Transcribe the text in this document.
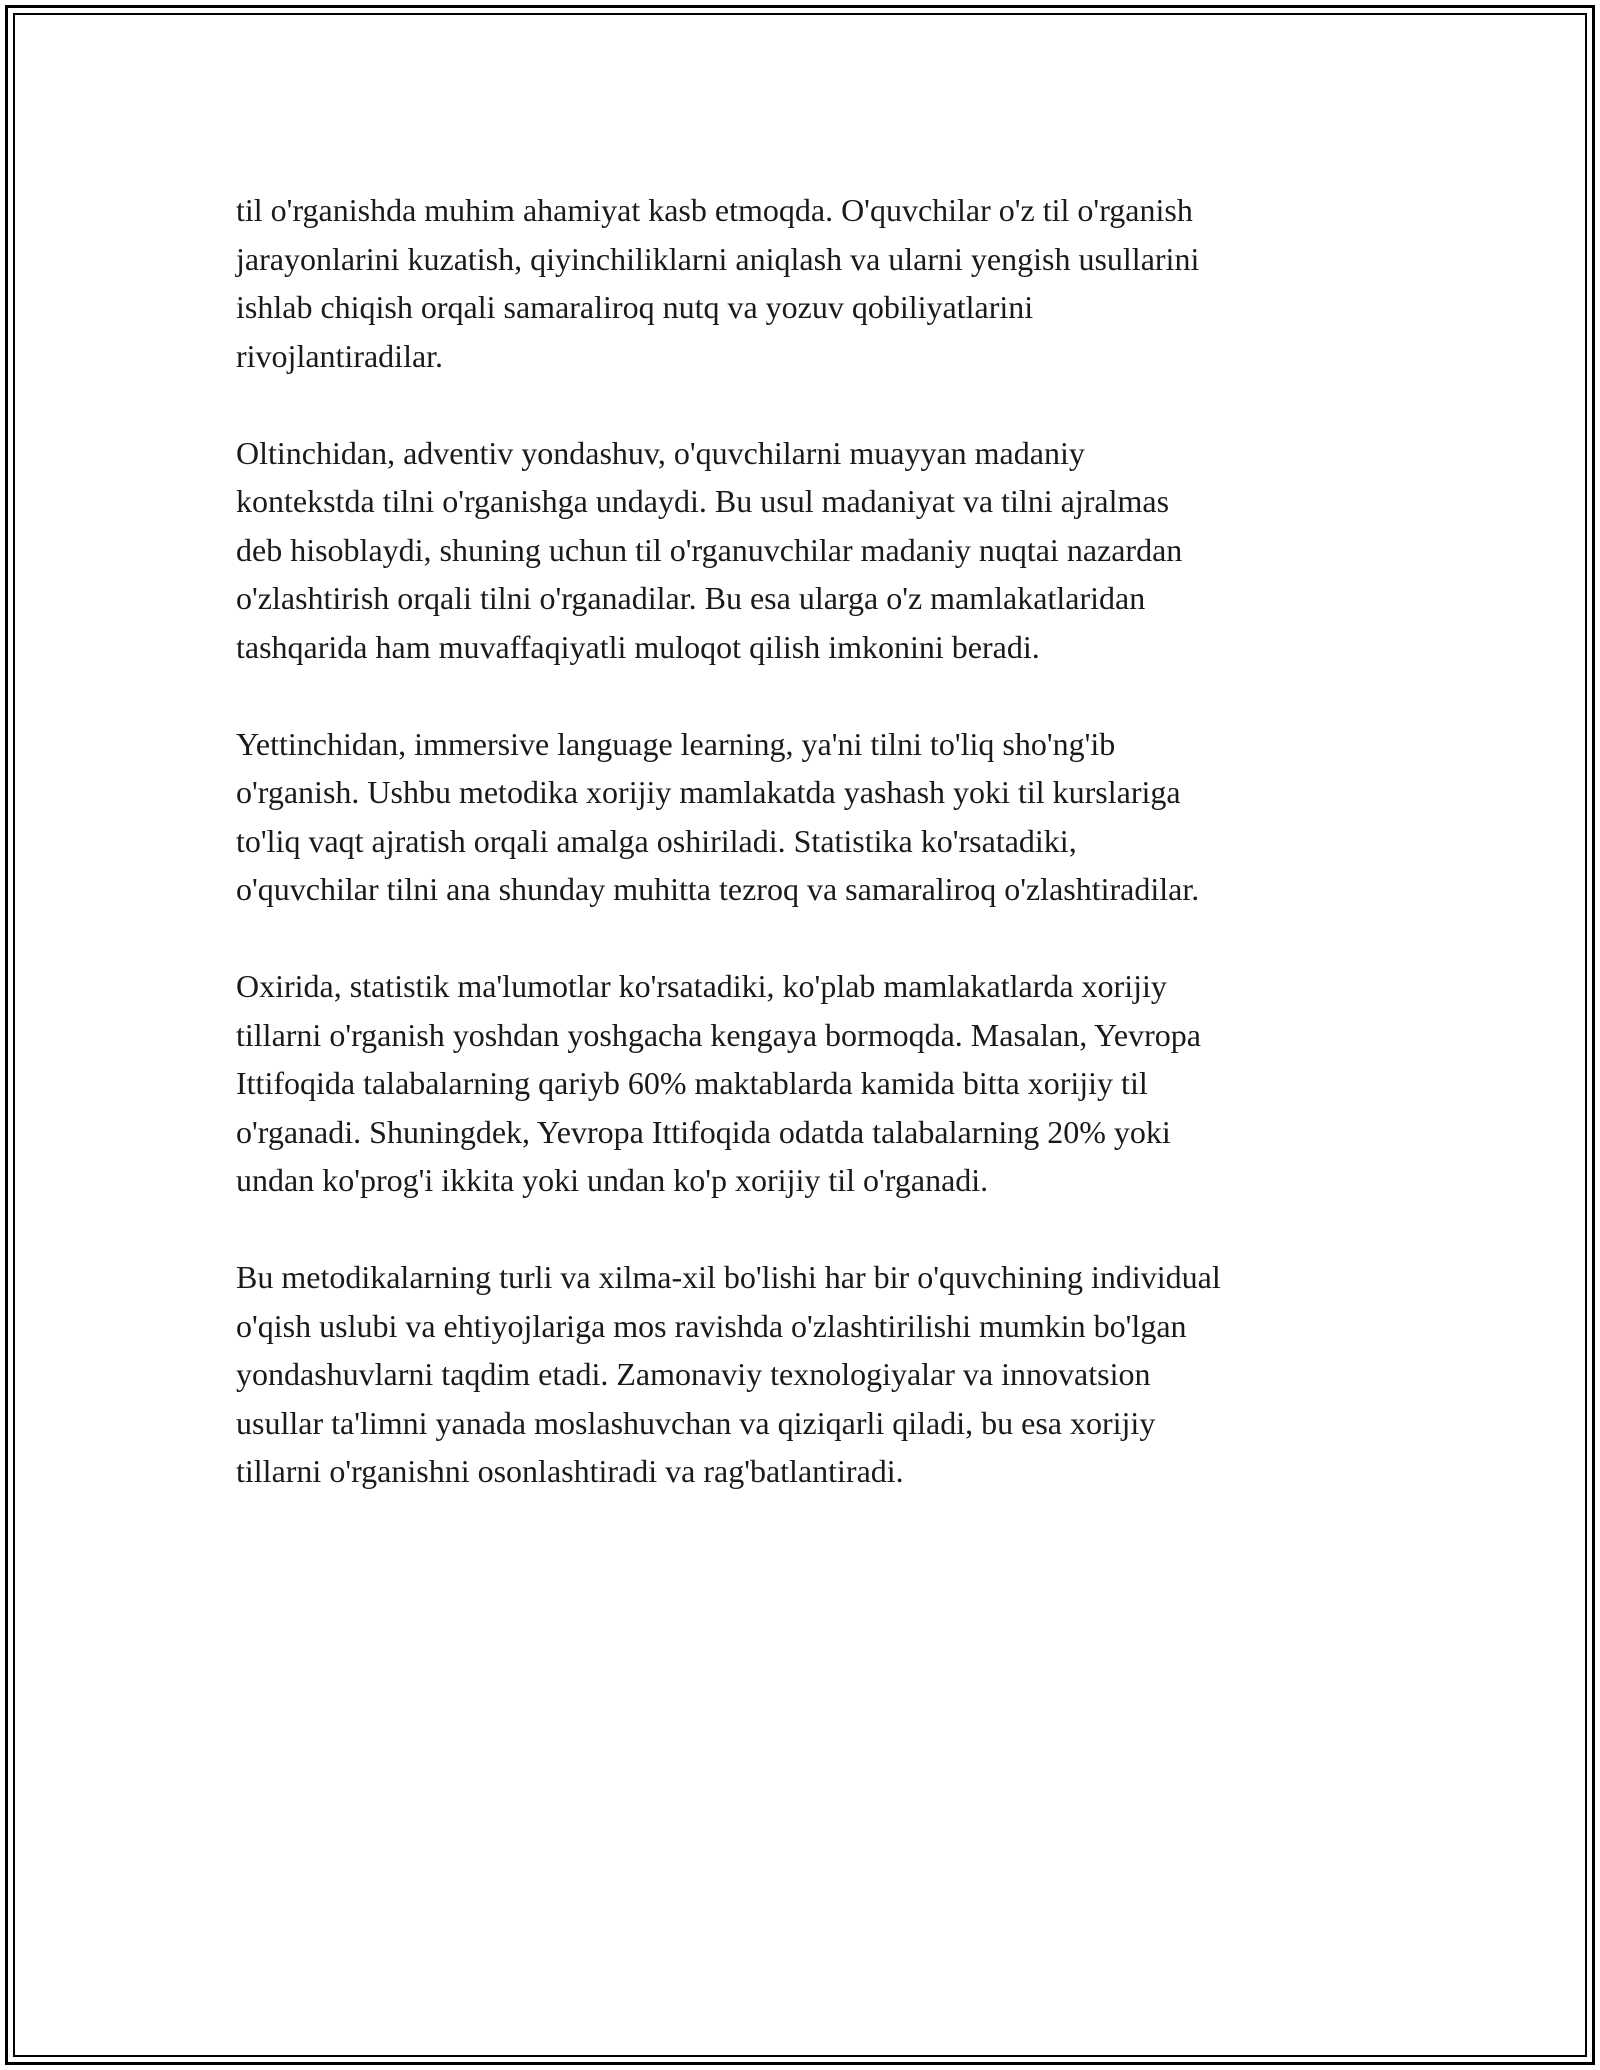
til o'rganishda muhim ahamiyat kasb etmoqda. O'quvchilar o'z til o'rganish
jarayonlarini kuzatish, qiyinchiliklarni aniqlash va ularni yengish usullarini
ishlab chiqish orqali samaraliroq nutq va yozuv qobiliyatlarini
rivojlantiradilar.

Oltinchidan, adventiv yondashuv, o'quvchilarni muayyan madaniy
kontekstda tilni o'rganishga undaydi. Bu usul madaniyat va tilni ajralmas
deb hisoblaydi, shuning uchun til o'rganuvchilar madaniy nuqtai nazardan
o'zlashtirish orqali tilni o'rganadilar. Bu esa ularga o'z mamlakatlaridan
tashqarida ham muvaffaqiyatli muloqot qilish imkonini beradi.

Yettinchidan, immersive language learning, ya'ni tilni to'liq sho'ng'ib
o'rganish. Ushbu metodika xorijiy mamlakatda yashash yoki til kurslariga
to'liq vaqt ajratish orqali amalga oshiriladi. Statistika ko'rsatadiki,
o'quvchilar tilni ana shunday muhitta tezroq va samaraliroq o'zlashtiradilar.

Oxirida, statistik ma'lumotlar ko'rsatadiki, ko'plab mamlakatlarda xorijiy
tillarni o'rganish yoshdan yoshgacha kengaya bormoqda. Masalan, Yevropa
Ittifoqida talabalarning qariyb 60% maktablarda kamida bitta xorijiy til
o'rganadi. Shuningdek, Yevropa Ittifoqida odatda talabalarning 20% yoki
undan ko'prog'i ikkita yoki undan ko'p xorijiy til o'rganadi.

Bu metodikalarning turli va xilma-xil bo'lishi har bir o'quvchining individual
o'qish uslubi va ehtiyojlariga mos ravishda o'zlashtirilishi mumkin bo'lgan
yondashuvlarni taqdim etadi. Zamonaviy texnologiyalar va innovatsion
usullar ta'limni yanada moslashuvchan va qiziqarli qiladi, bu esa xorijiy
tillarni o'rganishni osonlashtiradi va rag'batlantiradi.
